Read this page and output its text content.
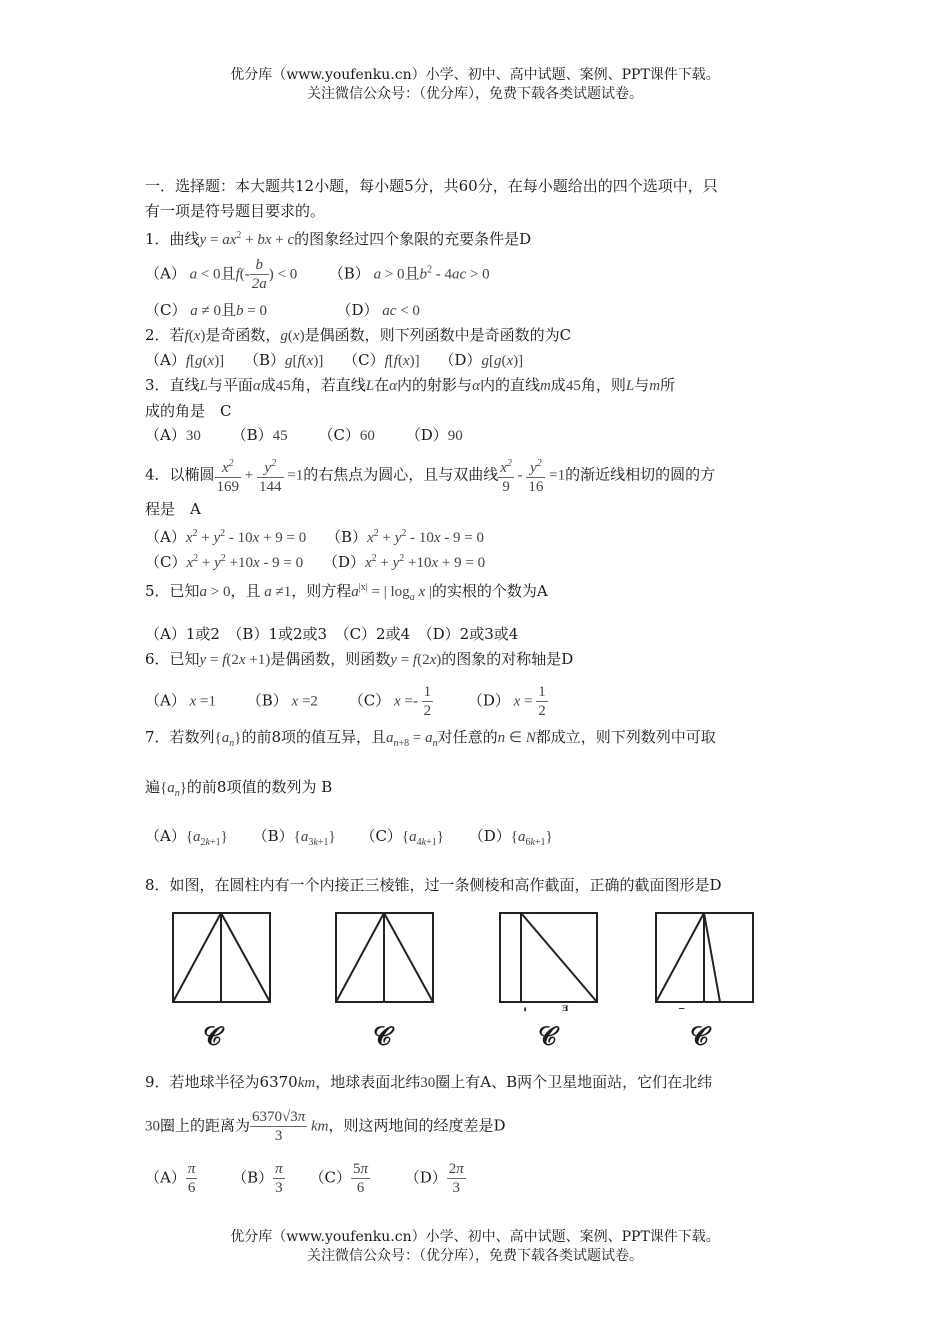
优分库（www.youfenku.cn）小学、初中、高中试题、案例、PPT课件下载。
关注微信公众号：（优分库），免费下载各类试题试卷。
一．选择题：本大题共12小题，每小题5分，共60分，在每小题给出的四个选项中，只
有一项是符号题目要求的。
1．曲线$y = ax^2$ + bx + c的图象经过四个象限的充要条件是D
（A） a < 0且$f(- \frac{b}{2a}$ ) < 0 （B） a > 0且$b^2 - 4ac > 0$
（C） a ≠ 0且b = 0	（D） ac < 0
2．若f(x)是奇函数，g(x)是偶函数，则下列函数中是奇函数的为C
（A）f[g(x)]　 （B）g[f(x)]　 （C）f[f(x)]　 （D）g[g(x)]
3．直线L与平面α成45角，若直线L在α内的射影与α内的直线m成45角，则L与m所
成的角是　C
（A）30 （B）45 （C）60 （D）90
4．以椭圆 $\frac{x^2}{169} + \frac{y^2}{144} =1$的右焦点为圆心，且与双曲线 $\frac{x^2}{9} - \frac{y^2}{16} =1$的渐近线相切的圆的方
程是　A
$(A)x^2 + y^2 - 10x + 9 = 0$　 $(B)x^2 + y^2 - 10x - 9 = 0$
$(C)x^2 + y^2 +10x - 9 = 0$　 $(D)x^2 + y^2 +10x + 9 = 0$
5．已知a > 0，且 a ≠1，则方程$a^{|x|}$ = | $\log_a x$ |的实根的个数为A
（A）1或2　（B）1或2或3　（C）2或4　（D）2或3或4
6．已知y = f(2x +1)是偶函数，则函数y = f(2x)的图象的对称轴是D
（A） x =1 （B） x =2 （C） $x =- \frac{1}{2} (D) x = \frac{1}{2}$
7．若数列$\{a_n\}$的前8项的值互异，且$a_{n+8} = a_n$对任意的n ∈ N都成立，则下列数列中可取
遍$\{a_n\}$的前8项值的数列为 B
$(A)\{a_{2k+1}\}$ $(B)\{a_{3k+1}\}$ $(C)\{a_{4k+1}\}$ $(D)\{a_{6k+1}\}$
8．如图，在圆柱内有一个内接正三棱锥，过一条侧棱和高作截面，正确的截面图形是D
' ᴲ	⁻
𝒞	𝒞	𝒞	𝒞
9．若地球半径为6370km，地球表面北纬30圈上有A、B两个卫星地面站，它们在北纬
30圈上的距离为 $\frac{6370√3\pi}{3}$ km，则这两地间的经度差是D
$(A) \frac{\pi}{6} (B) \frac{\pi}{3} (C) \frac{5\pi}{6} (D) \frac{2\pi}{3}$
优分库（www.youfenku.cn）小学、初中、高中试题、案例、PPT课件下载。
关注微信公众号：（优分库），免费下载各类试题试卷。
